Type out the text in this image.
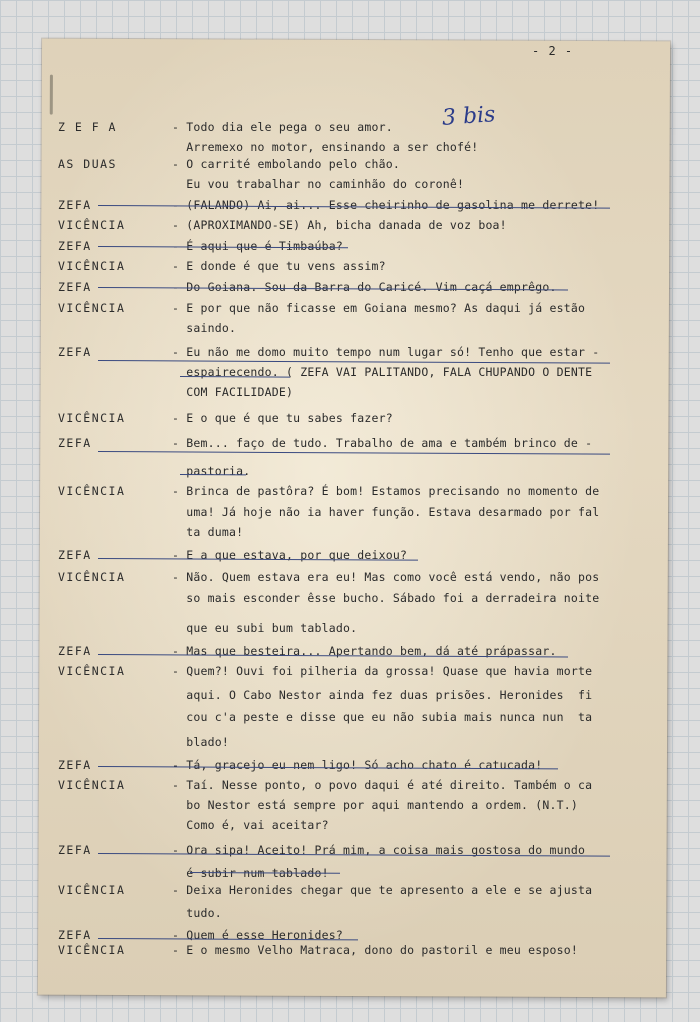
- 2 -
3 bis
Z E F A	- Todo dia ele pega o seu amor.
Arremexo no motor, ensinando a ser chofé!
AS DUAS	- O carrité embolando pelo chão.
Eu vou trabalhar no caminhão do coronê!
ZEFA	- (FALANDO) Ai, ai... Esse cheirinho de gasolina me derrete!
VICÊNCIA	- (APROXIMANDO-SE) Ah, bicha danada de voz boa!
ZEFA	- É aqui que é Timbaúba?
VICÊNCIA	- E donde é que tu vens assim?
ZEFA	- Do Goiana. Sou da Barra do Caricé. Vim caçá emprêgo.
VICÊNCIA	- E por que não ficasse em Goiana mesmo? As daqui já estão
saindo.
ZEFA	- Eu não me domo muito tempo num lugar só! Tenho que estar -
espairecendo. ( ZEFA VAI PALITANDO, FALA CHUPANDO O DENTE
COM FACILIDADE)
VICÊNCIA	- E o que é que tu sabes fazer?
ZEFA	- Bem... faço de tudo. Trabalho de ama e também brinco de -
pastoria.
VICÊNCIA	- Brinca de pastôra? É bom! Estamos precisando no momento de
uma! Já hoje não ia haver função. Estava desarmado por fal
ta duma!
ZEFA	- E a que estava, por que deixou?
VICÊNCIA	- Não. Quem estava era eu! Mas como você está vendo, não pos
so mais esconder êsse bucho. Sábado foi a derradeira noite
que eu subi bum tablado.
ZEFA	- Mas que besteira... Apertando bem, dá até prápassar.
VICÊNCIA	- Quem?! Ouvi foi pilheria da grossa! Quase que havia morte
aqui. O Cabo Nestor ainda fez duas prisões. Heronides  fi
cou c'a peste e disse que eu não subia mais nunca nun  ta
blado!
ZEFA	- Tá, gracejo eu nem ligo! Só acho chato é catucada!
VICÊNCIA	- Taí. Nesse ponto, o povo daqui é até direito. Também o ca
bo Nestor está sempre por aqui mantendo a ordem. (N.T.)
Como é, vai aceitar?
ZEFA	- Ora sipa! Aceito! Prá mim, a coisa mais gostosa do mundo
é subir num tablado!
VICÊNCIA	- Deixa Heronides chegar que te apresento a ele e se ajusta
tudo.
ZEFA	- Quem é esse Heronides?
VICÊNCIA	- E o mesmo Velho Matraca, dono do pastoril e meu esposo!
